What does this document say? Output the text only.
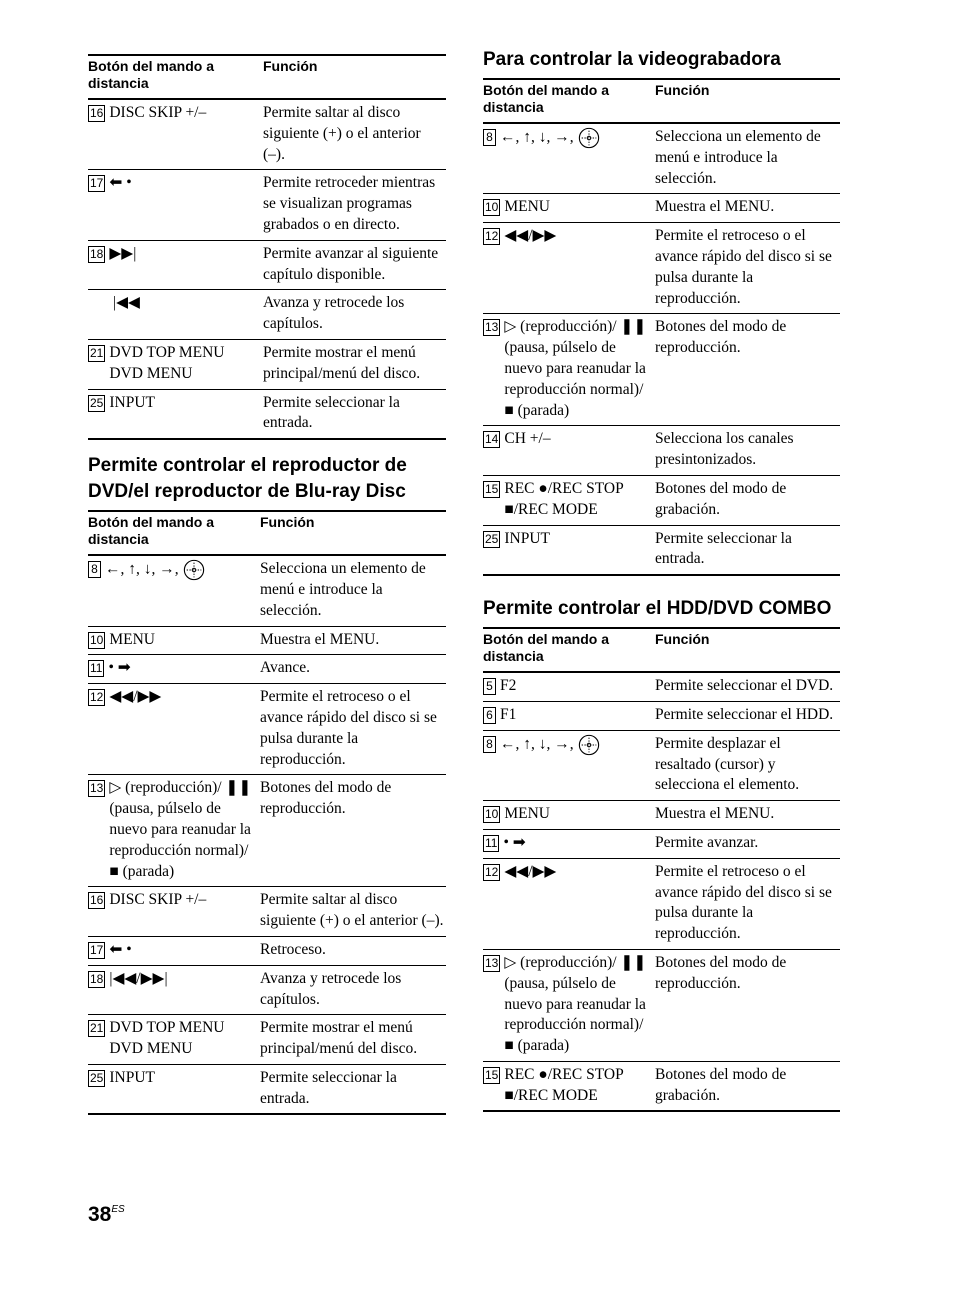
Botón del mando a distancia	Función

16 DISC SKIP +/–	Permite saltar al disco siguiente (+) o el anterior (–).

17 ⬅ •	Permite retroceder mientras se visualizan programas grabados o en directo.

18 ▶▶|	Permite avanzar al siguiente capítulo disponible.

|◀◀	Avanza y retrocede los capítulos.

21 DVD TOP MENU
DVD MENU	Permite mostrar el menú principal/menú del disco.

25 INPUT	Permite seleccionar la entrada.
Permite controlar el reproductor de DVD/el reproductor de Blu-ray Disc
Botón del mando a distancia	Función

8 ←, ↑, ↓, →,	Selecciona un elemento de menú e introduce la selección.

10 MENU	Muestra el MENU.

11 • ➡	Avance.

12 ◀◀/▶▶	Permite el retroceso o el avance rápido del disco si se pulsa durante la reproducción.

13 ▷ (reproducción)/ ❚❚ (pausa, púlselo de nuevo para reanudar la reproducción normal)/■ (parada)	Botones del modo de reproducción.

16 DISC SKIP +/–	Permite saltar al disco siguiente (+) o el anterior (–).

17 ⬅ •	Retroceso.

18 |◀◀/▶▶|	Avanza y retrocede los capítulos.

21 DVD TOP MENU
DVD MENU	Permite mostrar el menú principal/menú del disco.

25 INPUT	Permite seleccionar la entrada.
Para controlar la videograbadora
Botón del mando a distancia	Función

8 ←, ↑, ↓, →,	Selecciona un elemento de menú e introduce la selección.

10 MENU	Muestra el MENU.

12 ◀◀/▶▶	Permite el retroceso o el avance rápido del disco si se pulsa durante la reproducción.

13 ▷ (reproducción)/ ❚❚ (pausa, púlselo de nuevo para reanudar la reproducción normal)/■ (parada)	Botones del modo de reproducción.

14 CH +/–	Selecciona los canales presintonizados.

15 REC ●/REC STOP ■/REC MODE	Botones del modo de grabación.

25 INPUT	Permite seleccionar la entrada.
Permite controlar el HDD/DVD COMBO
Botón del mando a distancia	Función

5 F2	Permite seleccionar el DVD.

6 F1	Permite seleccionar el HDD.

8 ←, ↑, ↓, →,	Permite desplazar el resaltado (cursor) y selecciona el elemento.

10 MENU	Muestra el MENU.

11 • ➡	Permite avanzar.

12 ◀◀/▶▶	Permite el retroceso o el avance rápido del disco si se pulsa durante la reproducción.

13 ▷ (reproducción)/ ❚❚ (pausa, púlselo de nuevo para reanudar la reproducción normal)/■ (parada)	Botones del modo de reproducción.

15 REC ●/REC STOP ■/REC MODE	Botones del modo de grabación.
$38^{ES}$
